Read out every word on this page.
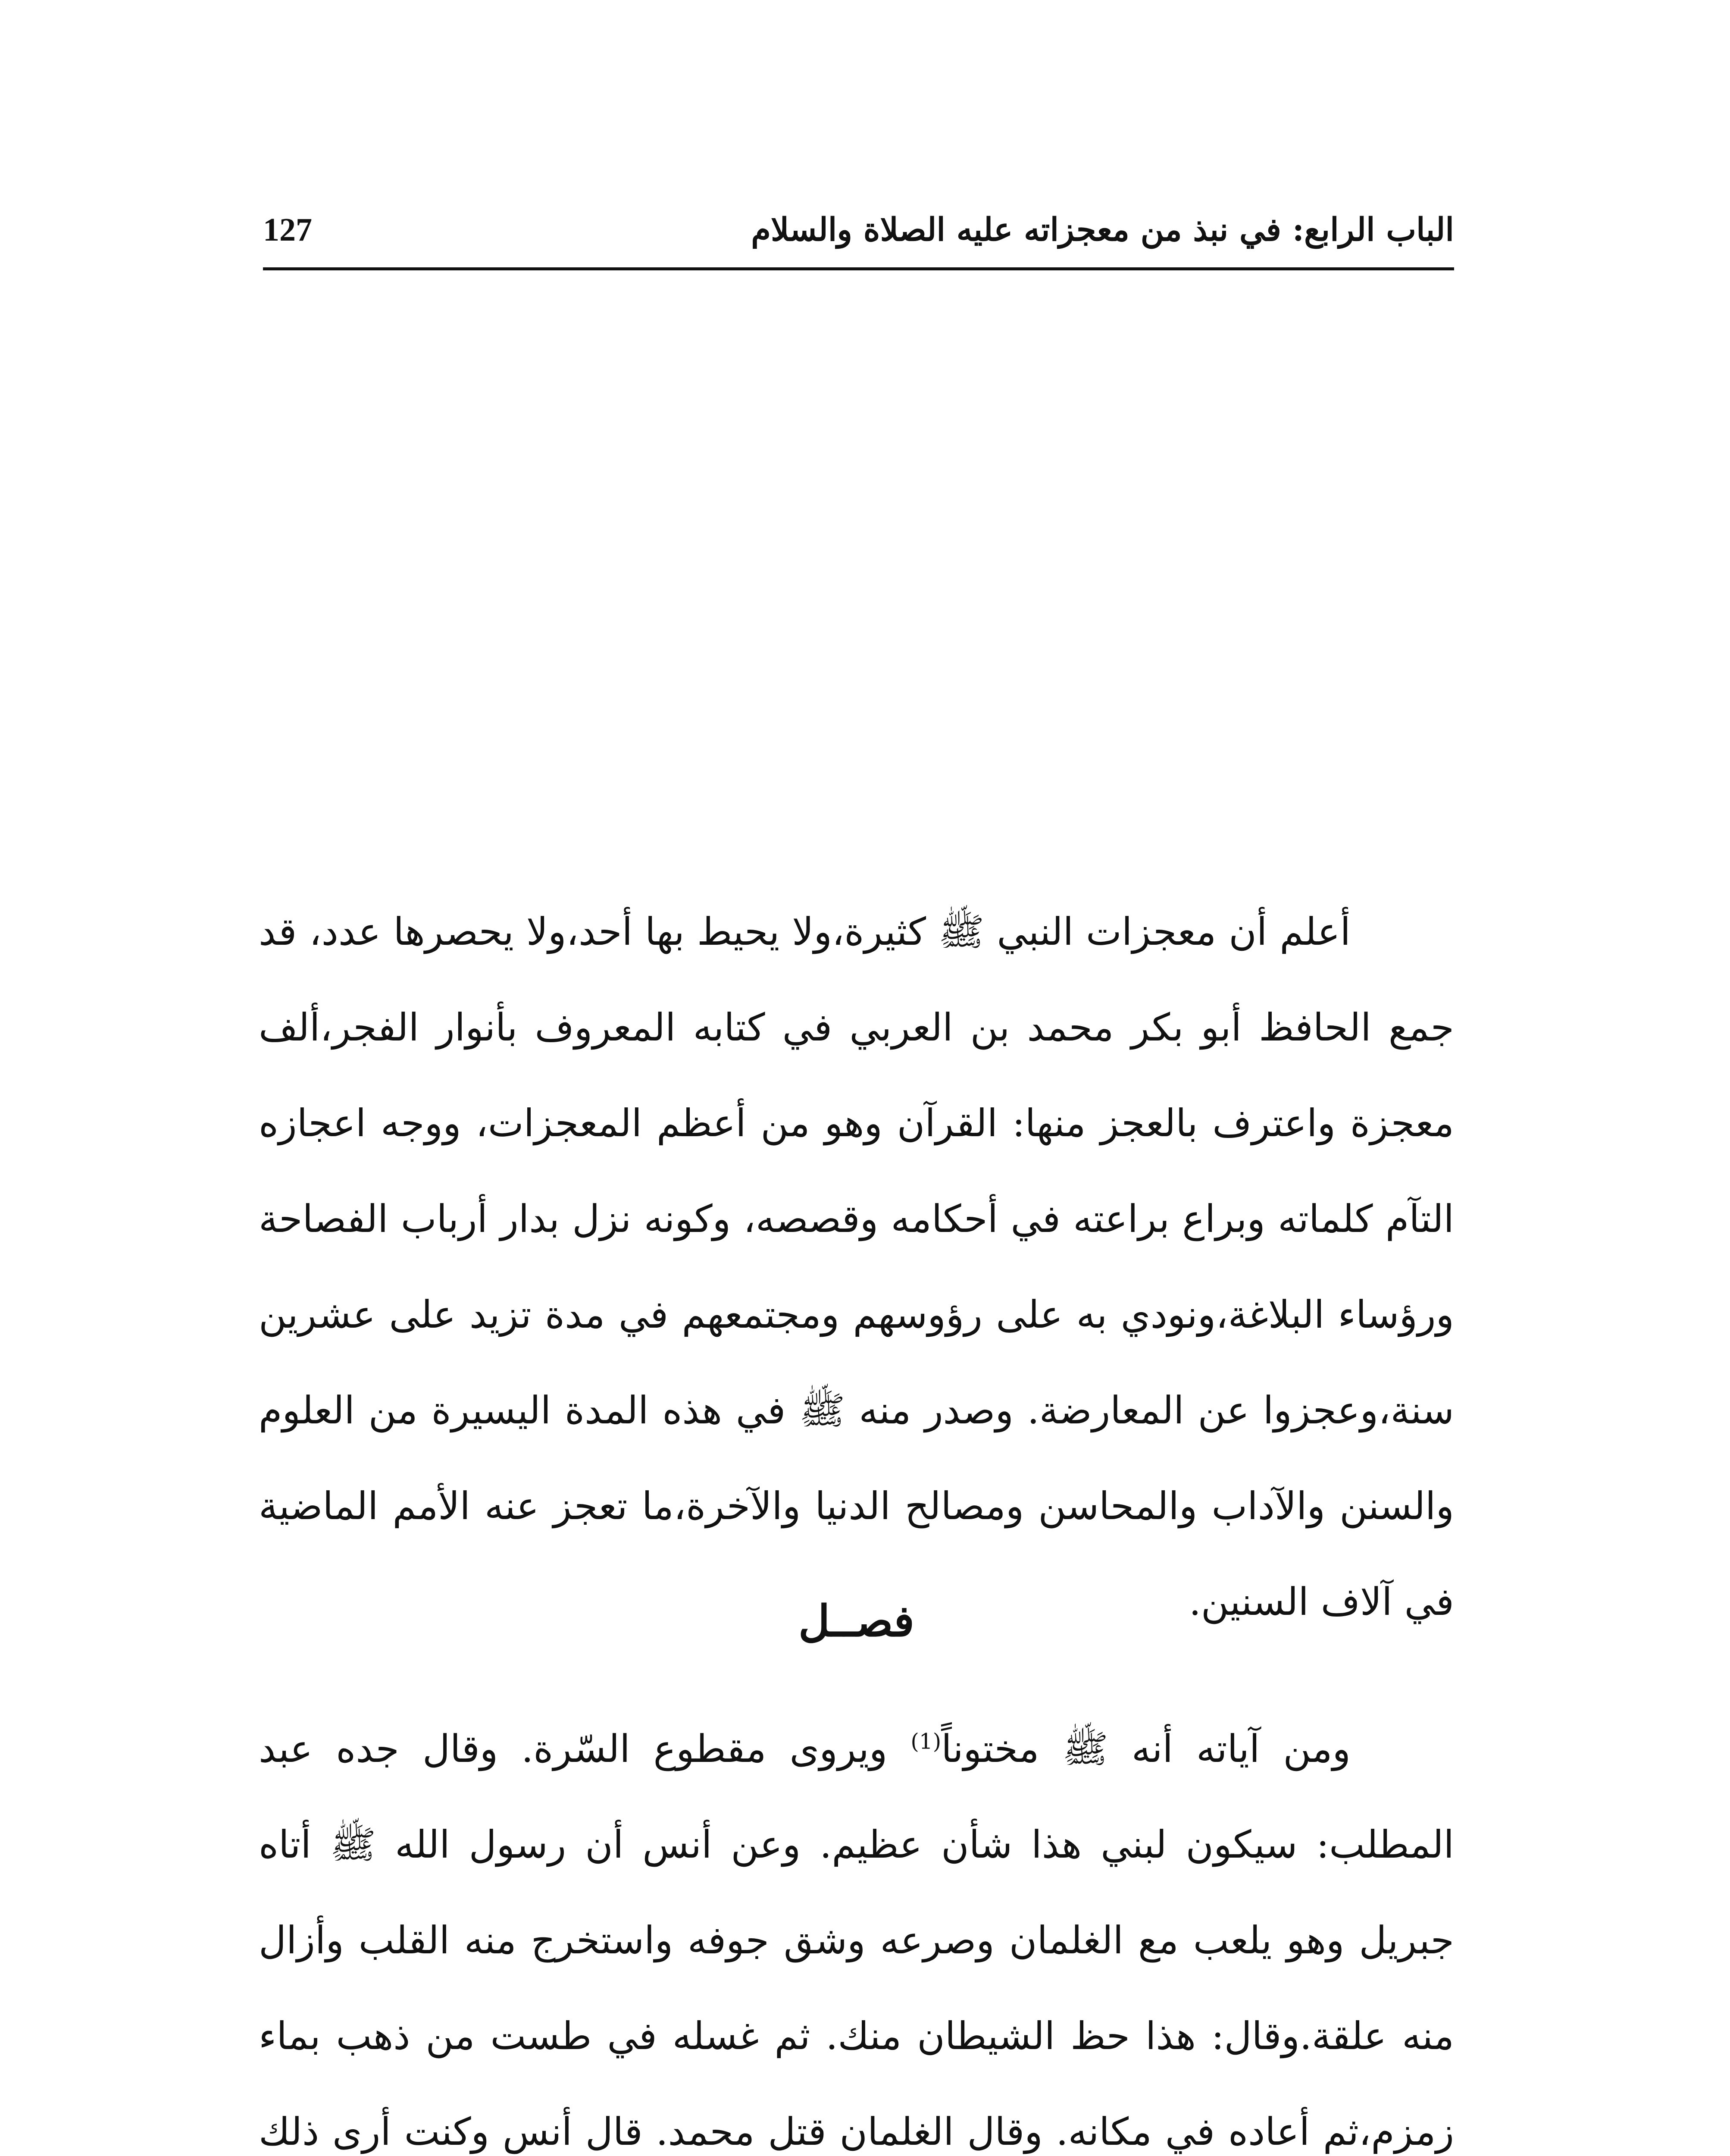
الباب الرابع: في نبذ من معجزاته عليه الصلاة والسلام
127

أعلم أن معجزات النبي ﷺ كثيرة،ولا يحيط بها أحد،ولا يحصرها عدد، قد جمع الحافظ أبو بكر محمد بن العربي في كتابه المعروف بأنوار الفجر،ألف معجزة واعترف بالعجز منها: القرآن وهو من أعظم المعجزات، ووجه اعجازه التآم كلماته وبراع براعته في أحكامه وقصصه، وكونه نزل بدار أرباب الفصاحة ورؤساء البلاغة،ونودي به على رؤوسهم ومجتمعهم في مدة تزيد على عشرين سنة،وعجزوا عن المعارضة. وصدر منه ﷺ في هذه المدة اليسيرة من العلوم والسنن والآداب والمحاسن ومصالح الدنيا والآخرة،ما تعجز عنه الأمم الماضية في آلاف السنين.

فصــل

ومن آياته أنه ﷺ مختوناً$^{(1)}$ ويروى مقطوع السّرة. وقال جده عبد المطلب: سيكون لبني هذا شأن عظيم. وعن أنس أن رسول الله ﷺ أتاه جبريل وهو يلعب مع الغلمان وصرعه وشق جوفه واستخرج منه القلب وأزال منه علقة.وقال: هذا حظ الشيطان منك. ثم غسله في طست من ذهب بماء زمزم،ثم أعاده في مكانه. وقال الغلمان قتل محمد. قال أنس وكنت أرى ذلك
